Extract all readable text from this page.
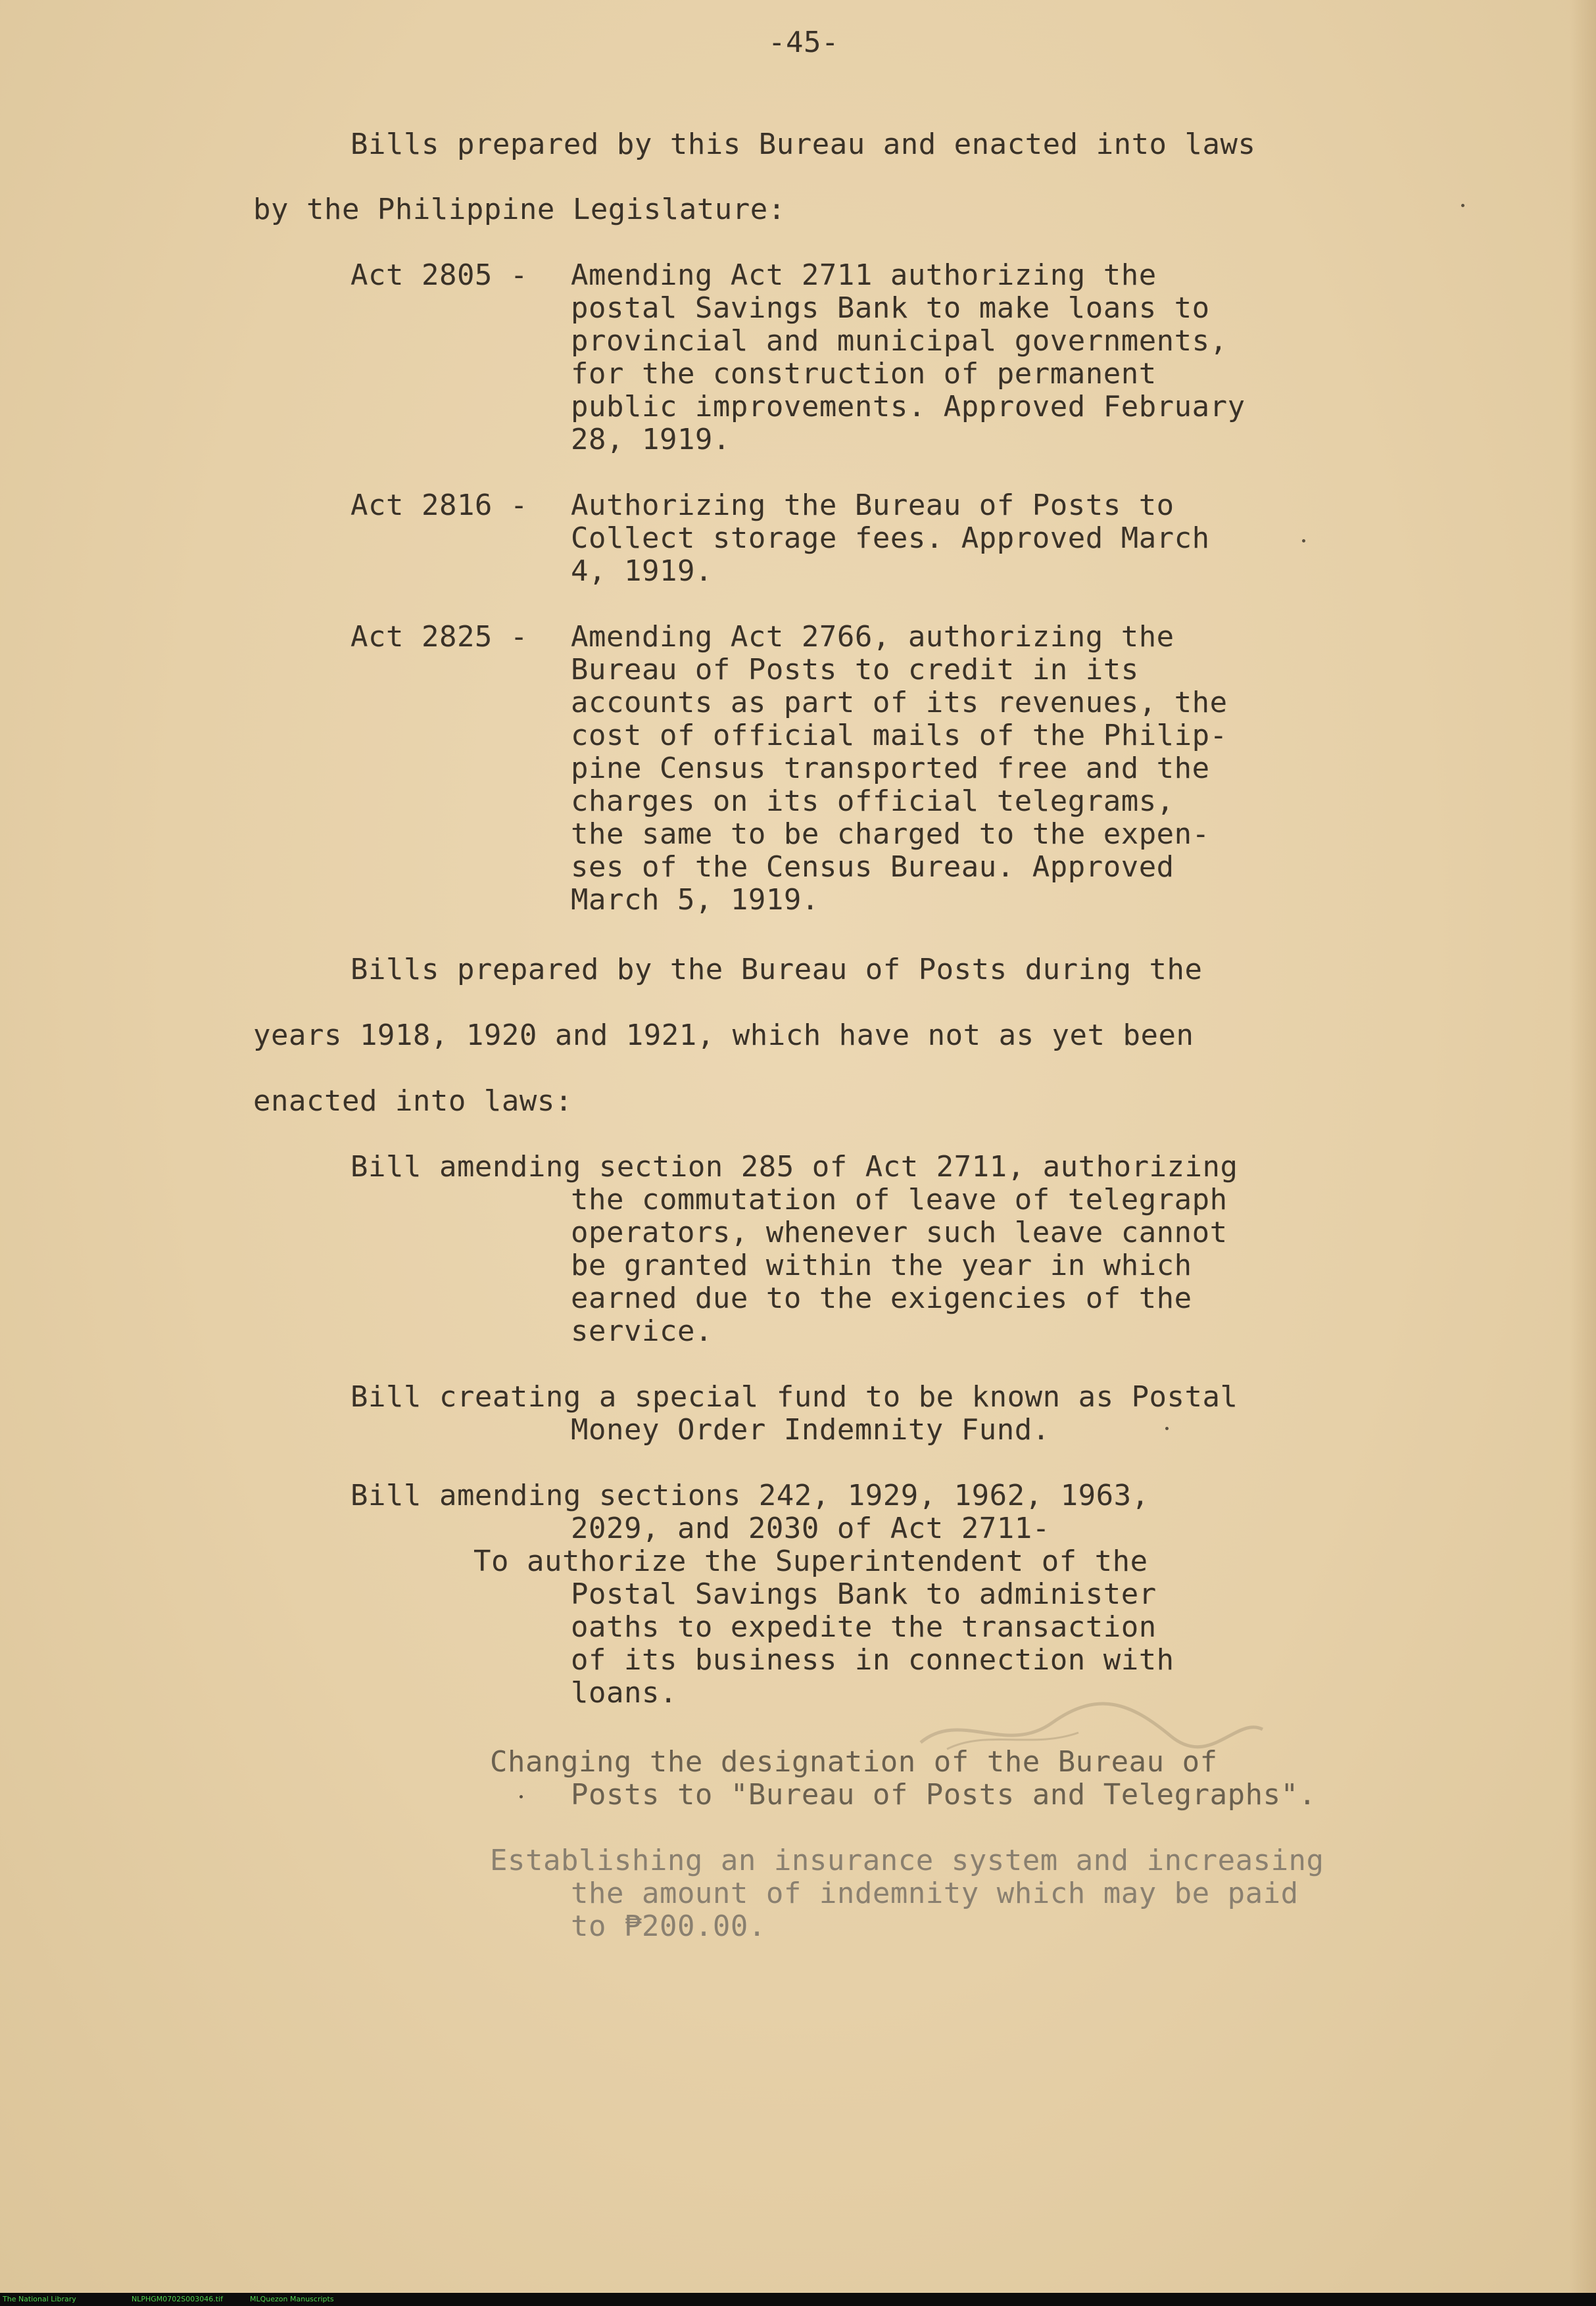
-45-
Bills prepared by this Bureau and enacted into laws
by the Philippine Legislature:
Act 2805 - Amending Act 2711 authorizing the
postal Savings Bank to make loans to
provincial and municipal governments,
for the construction of permanent
public improvements. Approved February
28, 1919.
Act 2816 - Authorizing the Bureau of Posts to
Collect storage fees. Approved March
4, 1919.
Act 2825 - Amending Act 2766, authorizing the
Bureau of Posts to credit in its
accounts as part of its revenues, the
cost of official mails of the Philip-
pine Census transported free and the
charges on its official telegrams,
the same to be charged to the expen-
ses of the Census Bureau. Approved
March 5, 1919.
Bills prepared by the Bureau of Posts during the
years 1918, 1920 and 1921, which have not as yet been
enacted into laws:
Bill amending section 285 of Act 2711, authorizing
the commutation of leave of telegraph
operators, whenever such leave cannot
be granted within the year in which
earned due to the exigencies of the
service.
Bill creating a special fund to be known as Postal
Money Order Indemnity Fund.
Bill amending sections 242, 1929, 1962, 1963,
2029, and 2030 of Act 2711-
To authorize the Superintendent of the
Postal Savings Bank to administer
oaths to expedite the transaction
of its business in connection with
loans.
Changing the designation of the Bureau of
Posts to "Bureau of Posts and Telegraphs".
Establishing an insurance system and increasing
the amount of indemnity which may be paid
to ₱200.00.
The National Library	NLPHGM0702S003046.tif	MLQuezon Manuscripts
